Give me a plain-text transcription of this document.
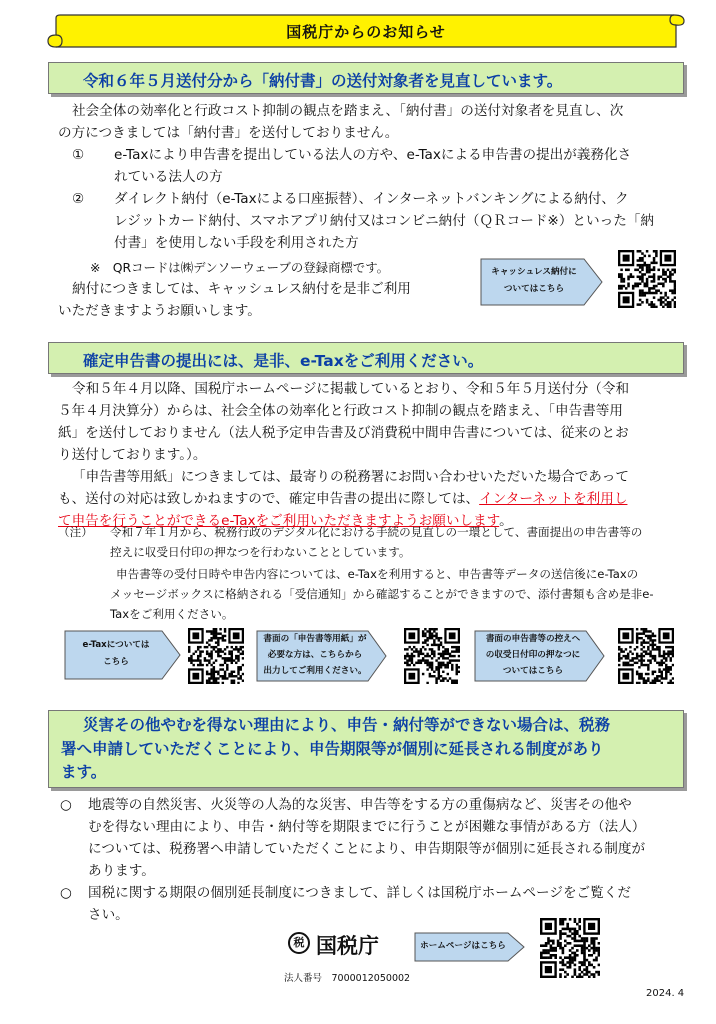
国税庁からのお知らせ
令和６年５月送付分から「納付書」の送付対象者を見直しています。

社会全体の効率化と行政コスト抑制の観点を踏まえ、「納付書」の送付対象者を見直し、次

の方につきましては「納付書」を送付しておりません。

①	e-Taxにより申告書を提出している法人の方や、e-Taxによる申告書の提出が義務化さ
れている法人の方
②	ダイレクト納付（e-Taxによる口座振替）、インターネットバンキングによる納付、ク
レジットカード納付、スマホアプリ納付又はコンビニ納付（ＱＲコード※）といった「納
付書」を使用しない手段を利用された方
※　QRコードは㈱デンソーウェーブの登録商標です。
納付につきましては、キャッシュレス納付を是非ご利用
いただきますようお願いします。
キャッシュレス納付に
ついてはこちら
確定申告書の提出には、是非、e-Taxをご利用ください。

令和５年４月以降、国税庁ホームページに掲載しているとおり、令和５年５月送付分（令和

５年４月決算分）からは、社会全体の効率化と行政コスト抑制の観点を踏まえ、「申告書等用

紙」を送付しておりません（法人税予定申告書及び消費税中間申告書については、従来のとお

り送付しております。）。

「申告書等用紙」につきましては、最寄りの税務署にお問い合わせいただいた場合であって

も、送付の対応は致しかねますので、確定申告書の提出に際しては、インターネットを利用し

て申告を行うことができるe-Taxをご利用いただきますようお願いします。

（注）	令和７年１月から、税務行政のデジタル化における手続の見直しの一環として、書面提出の申告書等の
控えに収受日付印の押なつを行わないこととしています。
申告書等の受付日時や申告内容については、e-Taxを利用すると、申告書等データの送信後にe-Taxの
メッセージボックスに格納される「受信通知」から確認することができますので、添付書類も含め是非e-
Taxをご利用ください。
e-Taxについては
こちら
書面の「申告書等用紙」が
必要な方は、こちらから
出力してご利用ください。
書面の申告書等の控えへ
の収受日付印の押なつに
ついてはこちら
災害その他やむを得ない理由により、申告・納付等ができない場合は、税務
署へ申請していただくことにより、申告期限等が個別に延長される制度があり
ます。
○	地震等の自然災害、火災等の人為的な災害、申告等をする方の重傷病など、災害その他や
むを得ない理由により、申告・納付等を期限までに行うことが困難な事情がある方（法人）
については、税務署へ申請していただくことにより、申告期限等が個別に延長される制度が
あります。
○	国税に関する期限の個別延長制度につきまして、詳しくは国税庁ホームページをご覧くだ
さい。
税 国税庁
法人番号　7000012050002
ホームページはこちら
2024. 4
